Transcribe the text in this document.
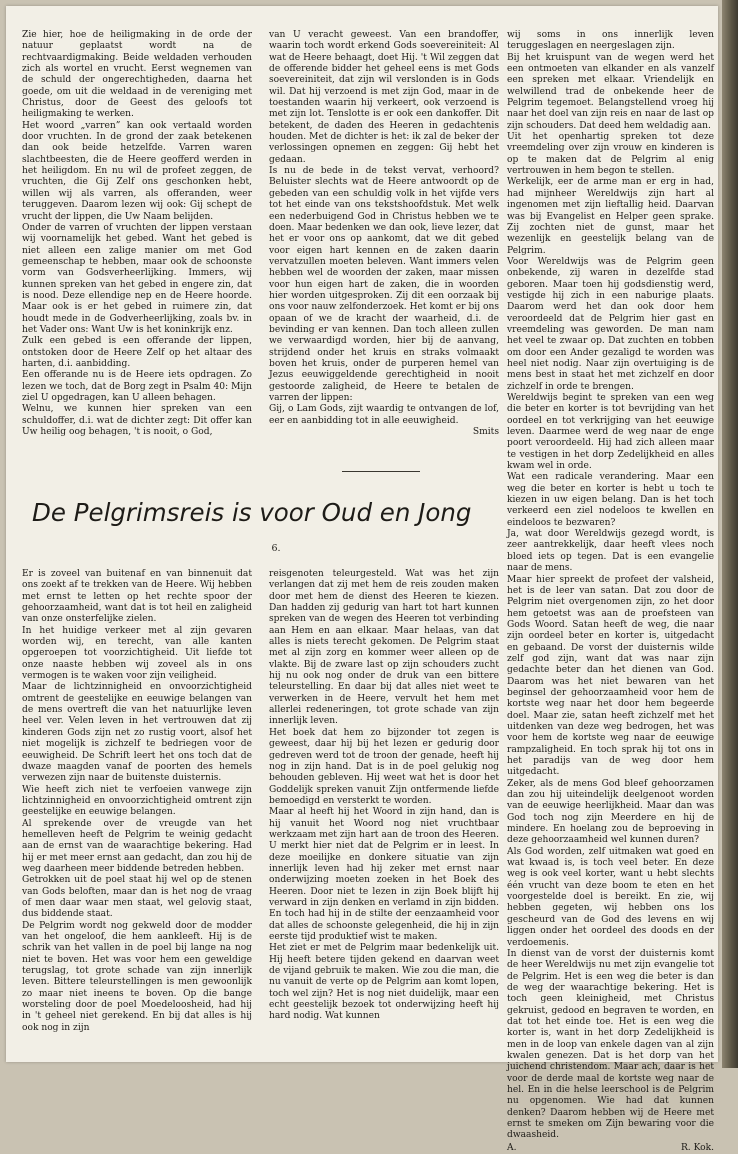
Zie hier, hoe de heiligmaking in de orde der natuur geplaatst wordt na de rechtvaardigmaking. Beide weldaden verhouden zich als wortel en vrucht. Eerst wegnemen van de schuld der ongerechtigheden, daarna het goede, om uit die weldaad in de vereniging met Christus, door de Geest des geloofs tot heiligmaking te werken.

Het woord „varren” kan ook vertaald worden door vruchten. In de grond der zaak betekenen dan ook beide hetzelfde. Varren waren slachtbeesten, die de Heere geofferd werden in het heiligdom. En nu wil de profeet zeggen, de vruchten, die Gij Zelf ons geschonken hebt, willen wij als varren, als offeranden, weer teruggeven. Daarom lezen wij ook: Gij schept de vrucht der lippen, die Uw Naam belijden.

Onder de varren of vruchten der lippen verstaan wij voornamelijk het gebed. Want het gebed is niet alleen een zalige manier om met God gemeenschap te hebben, maar ook de schoonste vorm van Godsverheerlijking. Immers, wij kunnen spreken van het gebed in engere zin, dat is nood. Deze ellendige nep en de Heere hoorde. Maar ook is er het gebed in ruimere zin, dat houdt mede in de Godverheerlijking, zoals bv. in het Vader ons: Want Uw is het koninkrijk enz.

Zulk een gebed is een offerande der lippen, ontstoken door de Heere Zelf op het altaar des harten, d.i. aanbidding.

Een offerande nu is de Heere iets opdragen. Zo lezen we toch, dat de Borg zegt in Psalm 40: Mijn ziel U opgedragen, kan U alleen behagen.

Welnu, we kunnen hier spreken van een schuldoffer, d.i. wat de dichter zegt: Dit offer kan Uw heilig oog behagen, 't is nooit, o God,

van U veracht geweest. Van een brandoffer, waarin toch wordt erkend Gods soevereiniteit: Al wat de Heere behaagt, doet Hij. 't Wil zeggen dat de offerende bidder het geheel eens is met Gods soevereiniteit, dat zijn wil verslonden is in Gods wil. Dat hij verzoend is met zijn God, maar in de toestanden waarin hij verkeert, ook verzoend is met zijn lot. Tenslotte is er ook een dankoffer. Dit betekent, de daden des Heeren in gedachtenis houden. Met de dichter is het: ik zal de beker der verlossingen opnemen en zeggen: Gij hebt het gedaan.

Is nu de bede in de tekst vervat, verhoord? Beluister slechts wat de Heere antwoordt op de gebeden van een schuldig volk in het vijfde vers tot het einde van ons tekstshoofdstuk. Met welk een nederbuigend God in Christus hebben we te doen. Maar bedenken we dan ook, lieve lezer, dat het er voor ons op aankomt, dat we dit gebed voor eigen hart kennen en de zaken daarin vervatzullen moeten beleven. Want immers velen hebben wel de woorden der zaken, maar missen voor hun eigen hart de zaken, die in woorden hier worden uitgesproken. Zij dit een oorzaak bij ons voor nauw zelfonderzoek. Het komt er bij ons opaan of we de kracht der waarheid, d.i. de bevinding er van kennen. Dan toch alleen zullen we verwaardigd worden, hier bij de aanvang, strijdend onder het kruis en straks volmaakt boven het kruis, onder de purperen hemel van Jezus eeuwiggeldende gerechtigheid in nooit gestoorde zaligheid, de Heere te betalen de varren der lippen:

Gij, o Lam Gods, zijt waardig te ontvangen de lof, eer en aanbidding tot in alle eeuwigheid.

Smits

De Pelgrimsreis is voor Oud en Jong
6.

Er is zoveel van buitenaf en van binnenuit dat ons zoekt af te trekken van de Heere. Wij hebben met ernst te letten op het rechte spoor der gehoorzaamheid, want dat is tot heil en zaligheid van onze onsterfelijke zielen.

In het huidige verkeer met al zijn gevaren worden wij, en terecht, van alle kanten opgeroepen tot voorzichtigheid. Uit liefde tot onze naaste hebben wij zoveel als in ons vermogen is te waken voor zijn veiligheid.

Maar de lichtzinnigheid en onvoorzichtigheid omtrent de geestelijke en eeuwige belangen van de mens overtreft die van het natuurlijke leven heel ver. Velen leven in het vertrouwen dat zij kinderen Gods zijn net zo rustig voort, alsof het niet mogelijk is zichzelf te bedriegen voor de eeuwigheid. De Schrift leert het ons toch dat de dwaze maagden vanaf de poorten des hemels verwezen zijn naar de buitenste duisternis.

Wie heeft zich niet te verfoeien vanwege zijn lichtzinnigheid en onvoorzichtigheid omtrent zijn geestelijke en eeuwige belangen.

Al sprekende over de vreugde van het hemelleven heeft de Pelgrim te weinig gedacht aan de ernst van de waarachtige bekering. Had hij er met meer ernst aan gedacht, dan zou hij de weg daarheen meer biddende betreden hebben.

Getrokken uit de poel staat hij wel op de stenen van Gods beloften, maar dan is het nog de vraag of men daar waar men staat, wel gelovig staat, dus biddende staat.

De Pelgrim wordt nog gekweld door de modder van het ongeloof, die hem aankleeft. Hij is de schrik van het vallen in de poel bij lange na nog niet te boven. Het was voor hem een geweldige terugslag, tot grote schade van zijn innerlijk leven. Bittere teleurstellingen is men gewoonlijk zo maar niet ineens te boven. Op die bange worsteling door de poel Moedeloosheid, had hij in 't geheel niet gerekend. En bij dat alles is hij ook nog in zijn

reisgenoten teleurgesteld. Wat was het zijn verlangen dat zij met hem de reis zouden maken door met hem de dienst des Heeren te kiezen. Dan hadden zij gedurig van hart tot hart kunnen spreken van de wegen des Heeren tot verbinding aan Hem en aan elkaar. Maar helaas, van dat alles is niets terecht gekomen. De Pelgrim staat met al zijn zorg en kommer weer alleen op de vlakte. Bij de zware last op zijn schouders zucht hij nu ook nog onder de druk van een bittere teleurstelling. En daar bij dat alles niet weet te verwerken in de Heere, vervult het hem met allerlei redeneringen, tot grote schade van zijn innerlijk leven.

Het boek dat hem zo bijzonder tot zegen is geweest, daar hij bij het lezen er gedurig door gedreven werd tot de troon der genade, heeft hij nog in zijn hand. Dat is in de poel gelukig nog behouden gebleven. Hij weet wat het is door het Goddelijk spreken vanuit Zijn ontfermende liefde bemoedigd en versterkt te worden.

Maar al heeft hij het Woord in zijn hand, dan is hij vanuit het Woord nog niet vruchtbaar werkzaam met zijn hart aan de troon des Heeren. U merkt hier niet dat de Pelgrim er in leest. In deze moeilijke en donkere situatie van zijn innerlijk leven had hij zeker met ernst naar onderwijzing moeten zoeken in het Boek des Heeren. Door niet te lezen in zijn Boek blijft hij verward in zijn denken en verlamd in zijn bidden. En toch had hij in de stilte der eenzaamheid voor dat alles de schoonste gelegenheid, die hij in zijn eerste tijd produktief wist te maken.

Het ziet er met de Pelgrim maar bedenkelijk uit. Hij heeft betere tijden gekend en daarvan weet de vijand gebruik te maken. Wie zou die man, die nu vanuit de verte op de Pelgrim aan komt lopen, toch wel zijn? Het is nog niet duidelijk, maar een echt geestelijk bezoek tot onderwijzing heeft hij hard nodig. Wat kunnen

wij soms in ons innerlijk leven teruggeslagen en neergeslagen zijn.

Bij het kruispunt van de wegen werd het een ontmoeten van elkander en als vanzelf een spreken met elkaar. Vriendelijk en welwillend trad de onbekende heer de Pelgrim tegemoet. Belangstellend vroeg hij naar het doel van zijn reis en naar de last op zijn schouders. Dat deed hem weldadig aan.

Uit het openhartig spreken tot deze vreemdeling over zijn vrouw en kinderen is op te maken dat de Pelgrim al enig vertrouwen in hem begon te stellen.

Werkelijk, eer de arme man er erg in had, had mijnheer Wereldwijs zijn hart al ingenomen met zijn lieftallig heid. Daarvan was bij Evangelist en Helper geen sprake. Zij zochten niet de gunst, maar het wezenlijk en geestelijk belang van de Pelgrim.

Voor Wereldwijs was de Pelgrim geen onbekende, zij waren in dezelfde stad geboren. Maar toen hij godsdienstig werd, vestigde hij zich in een naburige plaats. Daarom werd het dan ook door hem veroordeeld dat de Pelgrim hier gast en vreemdeling was geworden. De man nam het veel te zwaar op. Dat zuchten en tobben om door een Ander gezaligd te worden was heel niet nodig. Naar zijn overtuiging is de mens best in staat het met zichzelf en door zichzelf in orde te brengen.

Wereldwijs begint te spreken van een weg die beter en korter is tot bevrijding van het oordeel en tot verkrijging van het eeuwige leven. Daarmee werd de weg naar de enge poort veroordeeld. Hij had zich alleen maar te vestigen in het dorp Zedelijkheid en alles kwam wel in orde.

Wat een radicale verandering. Maar een weg die beter en korter is hebt u toch te kiezen in uw eigen belang. Dan is het toch verkeerd een ziel nodeloos te kwellen en eindeloos te bezwaren?

Ja, wat door Wereldwijs gezegd wordt, is zeer aantrekkelijk, daar heeft vlees noch bloed iets op tegen. Dat is een evangelie naar de mens.

Maar hier spreekt de profeet der valsheid, het is de leer van satan. Dat zou door de Pelgrim niet overgenomen zijn, zo het door hem getoetst was aan de proefsteen van Gods Woord. Satan heeft de weg, die naar zijn oordeel beter en korter is, uitgedacht en gebaand. De vorst der duisternis wilde zelf god zijn, want dat was naar zijn gedachte beter dan het dienen van God. Daarom was het niet bewaren van het beginsel der gehoorzaamheid voor hem de kortste weg naar het door hem begeerde doel. Maar zie, satan heeft zichzelf met het uitdenken van deze weg bedrogen, het was voor hem de kortste weg naar de eeuwige rampzaligheid. En toch sprak hij tot ons in het paradijs van de weg door hem uitgedacht.

Zeker, als de mens God bleef gehoorzamen dan zou hij uiteindelijk deelgenoot worden van de eeuwige heerlijkheid. Maar dan was God toch nog zijn Meerdere en hij de mindere. En hoelang zou de beproeving in deze gehoorzaamheid wel kunnen duren?

Als God worden, zelf uitmaken wat goed en wat kwaad is, is toch veel beter. En deze weg is ook veel korter, want u hebt slechts één vrucht van deze boom te eten en het voorgestelde doel is bereikt. En zie, wij hebben gegeten, wij hebben ons los gescheurd van de God des levens en wij liggen onder het oordeel des doods en der verdoemenis.

In dienst van de vorst der duisternis komt de heer Wereldwijs nu met zijn evangelie tot de Pelgrim. Het is een weg die beter is dan de weg der waarachtige bekering. Het is toch geen kleinigheid, met Christus gekruist, gedood en begraven te worden, en dat tot het einde toe. Het is een weg die korter is, want in het dorp Zedelijkheid is men in de loop van enkele dagen van al zijn kwalen genezen. Dat is het dorp van het juichend christendom. Maar ach, daar is het voor de derde maal de kortste weg naar de hel. En in die helse leerschool is de Pelgrim nu opgenomen. Wie had dat kunnen denken? Daarom hebben wij de Heere met ernst te smeken om Zijn bewaring voor die dwaasheid.

A.	R. Kok.
